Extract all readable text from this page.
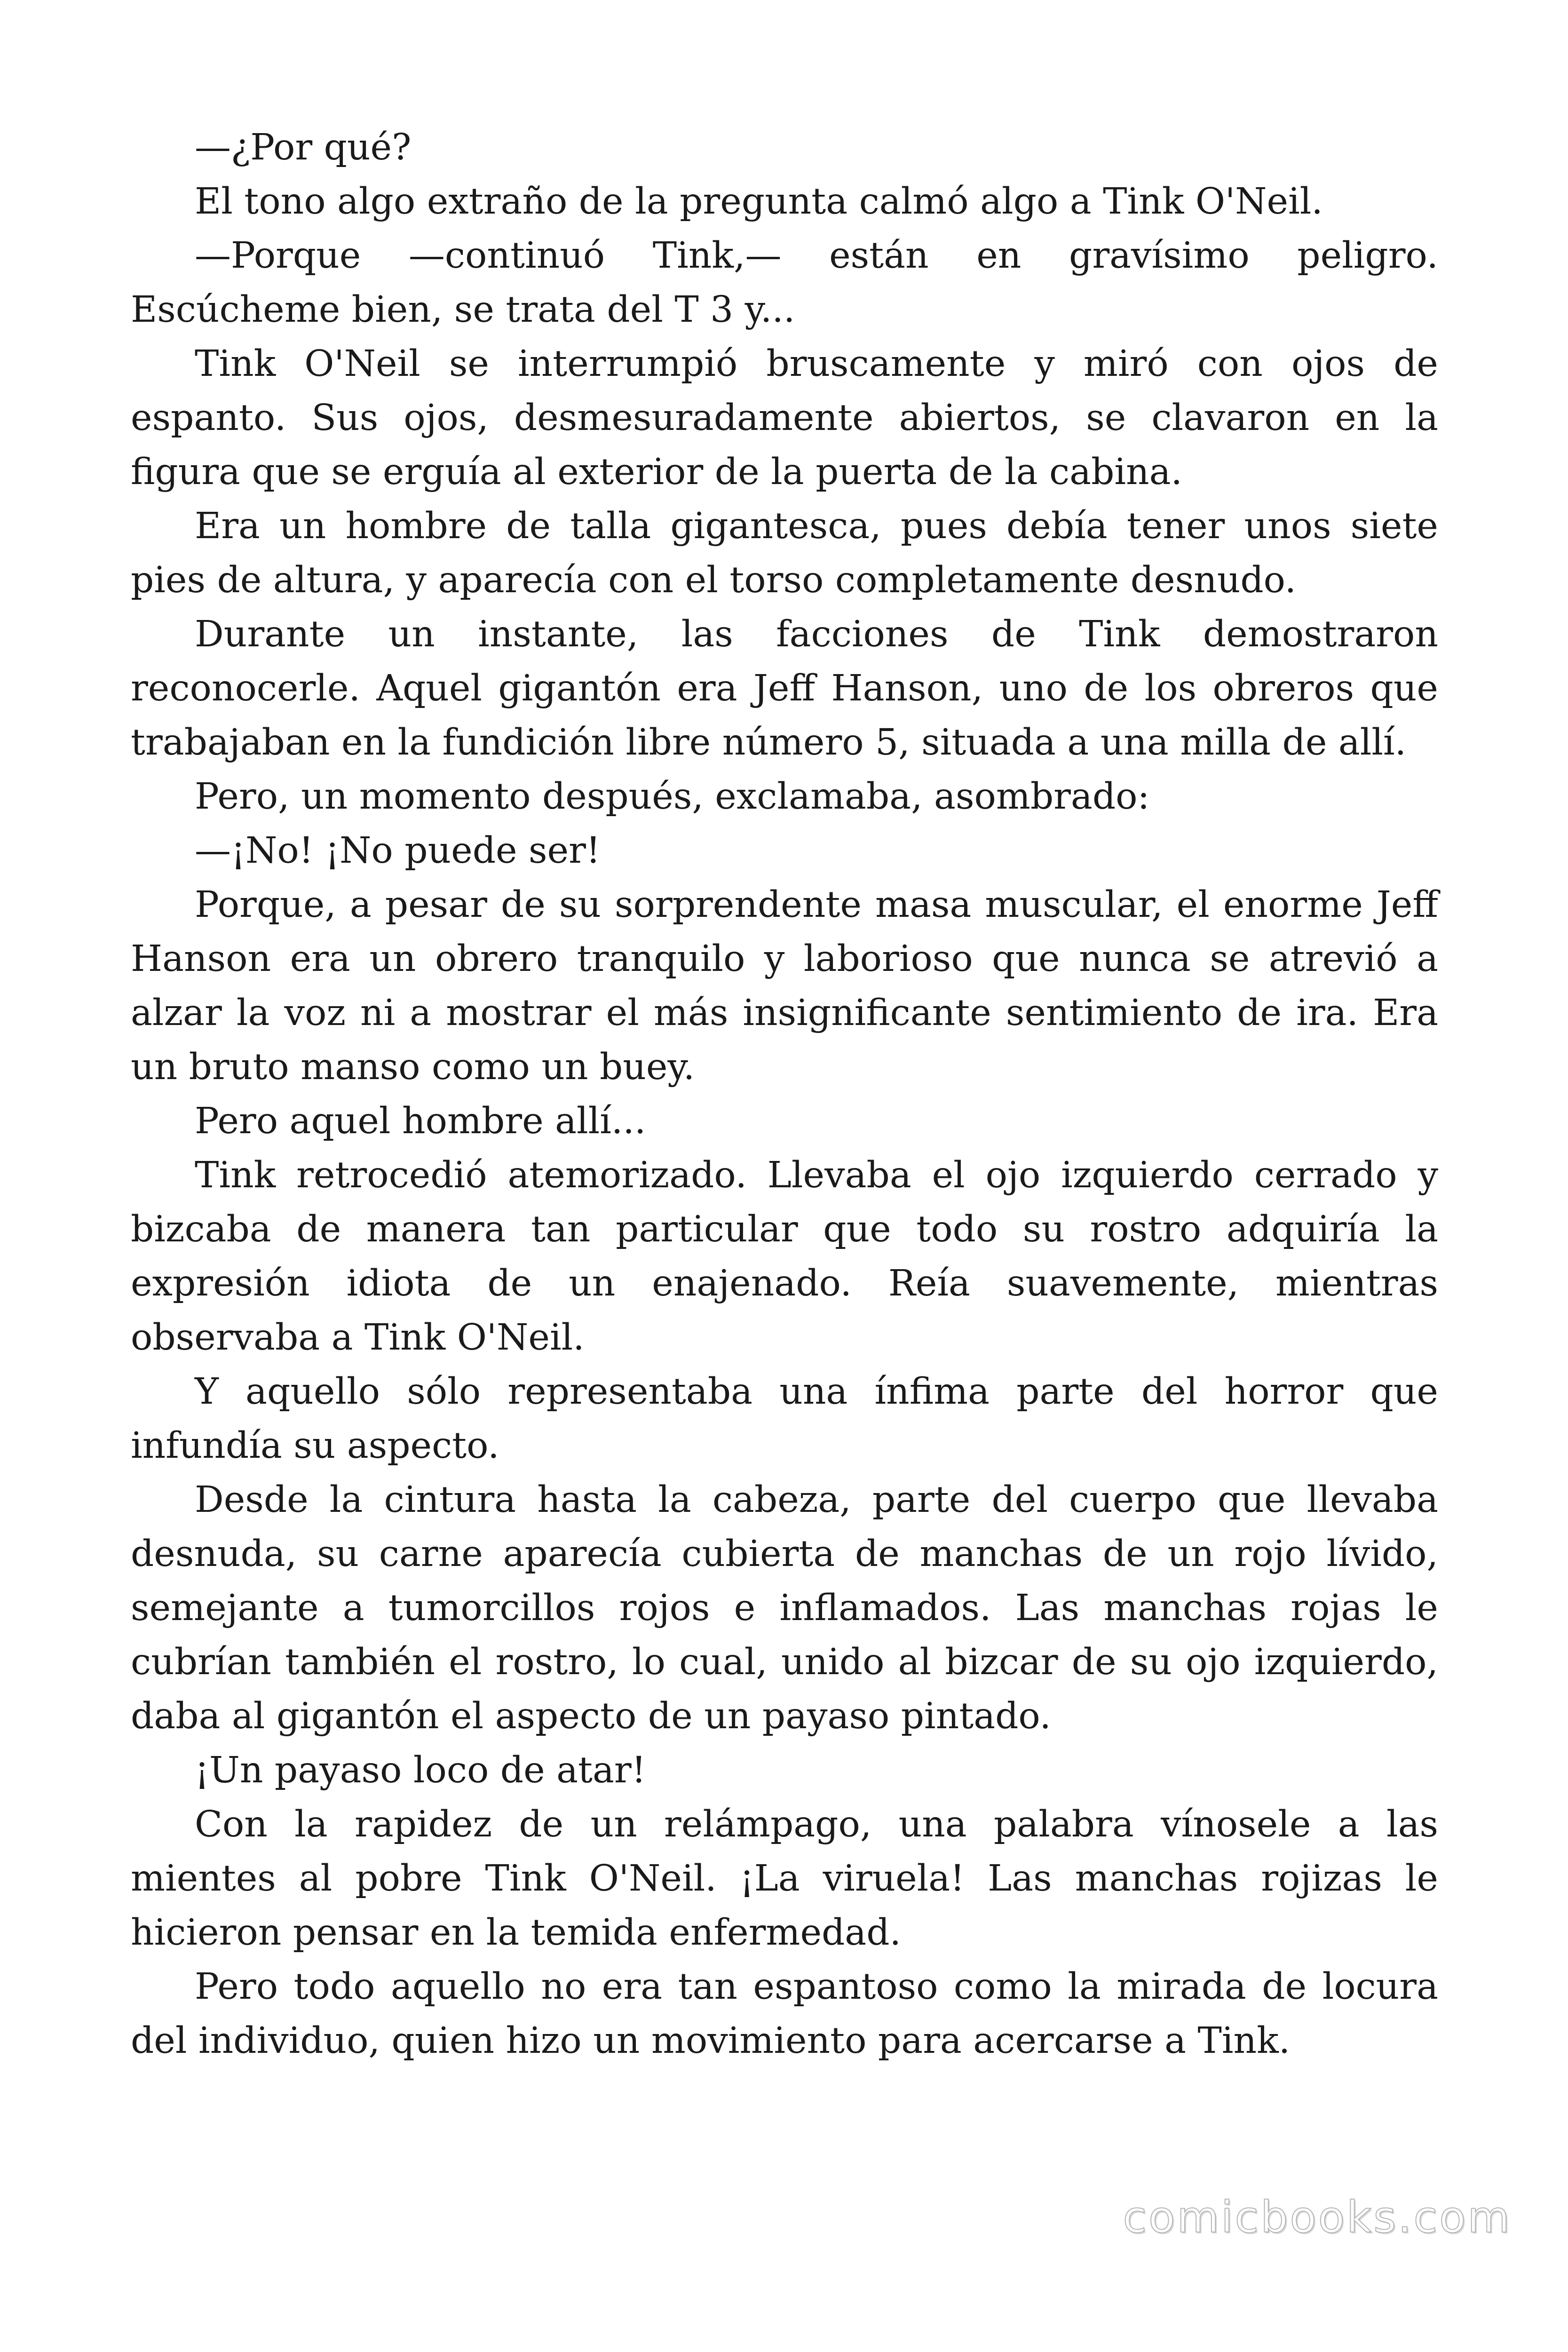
—¿Por qué?

El tono algo extraño de la pregunta calmó algo a Tink O'Neil.

—Porque —continuó Tink,— están en gravísimo peligro. Escúcheme bien, se trata del T 3 y...

Tink O'Neil se interrumpió bruscamente y miró con ojos de espanto. Sus ojos, desmesuradamente abiertos, se clavaron en la figura que se erguía al exterior de la puerta de la cabina.

Era un hombre de talla gigantesca, pues debía tener unos siete pies de altura, y aparecía con el torso completamente desnudo.

Durante un instante, las facciones de Tink demostraron reconocerle. Aquel gigantón era Jeff Hanson, uno de los obreros que trabajaban en la fundición libre número 5, situada a una milla de allí.

Pero, un momento después, exclamaba, asombrado:

—¡No! ¡No puede ser!

Porque, a pesar de su sorprendente masa muscular, el enorme Jeff Hanson era un obrero tranquilo y laborioso que nunca se atrevió a alzar la voz ni a mostrar el más insignificante sentimiento de ira. Era un bruto manso como un buey.

Pero aquel hombre allí...

Tink retrocedió atemorizado. Llevaba el ojo izquierdo cerrado y bizcaba de manera tan particular que todo su rostro adquiría la expresión idiota de un enajenado. Reía suavemente, mientras observaba a Tink O'Neil.

Y aquello sólo representaba una ínfima parte del horror que infundía su aspecto.

Desde la cintura hasta la cabeza, parte del cuerpo que llevaba desnuda, su carne aparecía cubierta de manchas de un rojo lívido, semejante a tumorcillos rojos e inflamados. Las manchas rojas le cubrían también el rostro, lo cual, unido al bizcar de su ojo izquierdo, daba al gigantón el aspecto de un payaso pintado.

¡Un payaso loco de atar!

Con la rapidez de un relámpago, una palabra vínosele a las mientes al pobre Tink O'Neil. ¡La viruela! Las manchas rojizas le hicieron pensar en la temida enfermedad.

Pero todo aquello no era tan espantoso como la mirada de locura del individuo, quien hizo un movimiento para acercarse a Tink.

comicbooks.com
